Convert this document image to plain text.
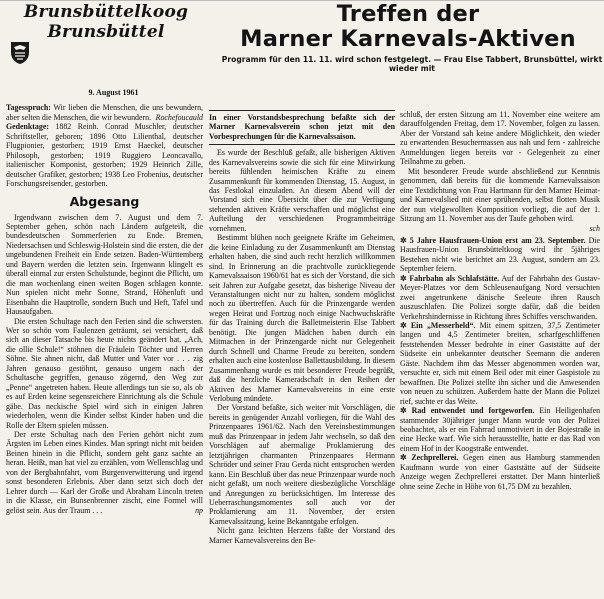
Brunsbüttelkoog
Brunsbüttel
Treffen der
Marner Karnevals-Aktiven
Programm für den 11. 11. wird schon festgelegt. — Frau Else Tabbert, Brunsbüttel, wirkt wieder mit
9. August 1961

Tagesspruch: Wir lieben die Menschen, die uns bewundern, aber selten die Menschen, die wir bewundern. Rochefoucauld

Gedenktage: 1882 Reinh. Conrad Muschler, deutscher Schriftsteller, geboren; 1896 Otto Lilienthal, deutscher Flugpionier, gestorben; 1919 Ernst Haeckel, deutscher Philosoph, gestorben; 1919 Ruggiero Leoncavallo, italienischer Komponist, gestorben; 1929 Heinrich Zille, deutscher Grafiker, gestorben; 1938 Leo Frobenius, deutscher Forschungsreisender, gestorben.

Abgesang

Irgendwann zwischen dem 7. August und dem 7. September gehen, schön nach Ländern aufgeteilt, die bundesdeutschen Sommerferien zu Ende. Bremen, Niedersachsen und Schleswig-Holstein sind die ersten, die der ungebundenen Freiheit ein Ende setzen. Baden-Württemberg und Bayern werden die letzten sein. Irgenwann klingelt es überall einmal zur ersten Schulstunde, beginnt die Pflicht, um die man wochenlang einen weiten Bogen schlagen konnte. Nun spielen nicht mehr Sonne, Strand, Höhenluft und Eisenbahn die Hauptrolle, sondern Buch und Heft, Tafel und Hausaufgaben.

Die ersten Schultage nach den Ferien sind die schwersten. Wer so schön vom Faulenzen geträumt, sei versichert, daß sich an dieser Tatsache bis heute nichts geändert hat. „Ach, die ollie Schule!“ stöhnen die Fräulein Töchter und Herren Söhne. Sie ahnen nicht, daß Mutter und Vater vor . . . zig Jahren genauso gestöhnt, genauso ungern nach der Schultasche gegriffen, genauso zögernd, den Weg zur „Penne“ angetreten haben. Heute allerdings tun sie so, als ob es auf Erden keine segensreichere Einrichtung als die Schule gäbe. Das neckische Spiel wird sich in einigen Jahren wiederholen, wenn die Kinder selbst Kinder haben und die Rolle der Eltern spielen müssen.

Der erste Schultag nach den Ferien gehört nicht zum Ärgsten im Leben eines Kindes. Man springt nicht mit beiden Beinen hinein in die Pflicht, sondern geht ganz sachte an heran. Heißt, man hat viel zu erzählen, vom Wellenschlag und von der Bergbahnfahrt, vom Burgenverwitterung und irgend sonst besonderen Erlebnis. Aber dann setzt sich doch der Lehrer durch — Karl der Große und Abraham Lincoln treten in die Klasse, ein Bunsenbrenner zischt, eine Formel will gelöst sein. Aus der Traum . . .	np

In einer Vorstandsbesprechung befaßte sich der Marner Karnevalsverein schon jetzt mit den Vorbesprechungen für die Karnevalssaison.

Es wurde der Beschluß gefaßt, alle bisherigen Aktiven des Karnevalsvereins sowie die sich für eine Mitwirkung bereits fühlenden heimischen Kräfte zu einem Zusammenkunft für kommenden Dienstag, 15. August, in das Festlokal einzuladen. An diesem Abend will der Vorstand sich eine Übersicht über die zur Verfügung stehenden aktiven Kräfte verschaffen und möglichst eine Aufteilung der verschiedenen Programmbeiträge vornehmen.

Bestimmt blühen noch geeignete Kräfte im Geheimen, die keine Einladung zu der Zusammenkunft am Dienstag erhalten haben, die sind auch recht herzlich willkommen sind. In Erinnerung an die prachtvolle zurückliegende Karnevalssaison 1960/61 hat es sich der Vorstand, die sich seit Jahren zur Aufgabe gesetzt, das bisherige Niveau der Veranstaltungen nicht nur zu halten, sondern möglichst noch zu übertreffen. Auch für die Prinzengarde werden wegen Heirat und Fortzug noch einige Nachwuchskräfte für das Training durch die Balletmeisterin Else Tabbert benötigt. Die jungen Mädchen haben durch ein Mitmachen in der Prinzengarde nicht nur Gelegenheit durch Schnell und Charme Freude zu bereiten, sondern erhalten auch eine kostenlose Ballettausbildung. In diesem Zusammenhang wurde es mit besonderer Freude begrüßt, daß die herzliche Kameradschaft in den Reihen der Aktiven des Marner Karnevalsvereins in eine erste Verlobung mündete.

Der Vorstand befaßte, sich weiter mit Vorschlägen, die bereits in genügender Anzahl vorliegen, für die Wahl des Prinzenpaares 1961/62. Nach den Vereinsbestimmungen muß das Prinzenpaar in jedem Jahr wechseln, so daß den Vorschlägen auf abermalige Proklamierung des letztjährigen charmanten Prinzenpaares Hermann Schröder und seiner Frau Gerda nicht entsprochen werden kann. Ein Beschluß über das neue Prinzenpaar wurde noch nicht gefaßt, um noch weitere diesbezügliche Vorschläge und Anregungen zu berücksichtigen. Im Interesse des Ueberraschungsmomentes soll auch vor der Proklamierung am 11. November, der ersten Karnevalssitzung, keine Bekanntgabe erfolgen.

Nicht ganz leichten Herzens faßte der Vorstand des Marner Karnevalsvereins den Be-

schluß, der ersten Sitzung am 11. November eine weitere am darauffolgenden Freitag, dem 17. November, folgen zu lassen. Aber der Vorstand sah keine andere Möglichkeit, den wieder zu erwartenden Besuchermassen aus nah und fern - zahlreiche Anmeldungen liegen bereits vor - Gelegenheit zu einer Teilnahme zu geben.

Mit besonderer Freude wurde abschließend zur Kenntnis genommen, daß bereits für die kommende Karnevalssaison eine Textdichtung von Frau Hartmann für den Marner Heimat- und Karnevalslied mit einer sprühenden, selbst flotten Musik der nun vielgewollten Komposition vorliegt, die auf der 1. Sitzung am 11. November aus der Taufe gehoben wird.

sch

✲ 5 Jahre Hausfrauen-Union erst am 23. September. Die Hausfrauen-Union Brunsbütteltkoog wird ihr 5jähriges Bestehen nicht wie berichtet am 23. August, sondern am 23. September feiern.

✲ Fahrbahn als Schlafstätte. Auf der Fahrbahn des Gustav-Meyer-Platzes vor dem Schleusenaufgang Nord versuchten zwei angetrunkene dänische Seeleute ihren Rausch auszuschlafen. Die Polizei sorgte dafür, daß die beiden Verkehrshindernisse in Richtung ihres Schiffes verschwanden.

✲ Ein „Messerheld“. Mit einem spitzen, 37,5 Zentimeter langen und 4,5 Zentimeter breiten, scharfgeschliffenen feststehenden Messer bedrohte in einer Gaststätte auf der Südseite ein unbekannter deutscher Seemann die anderen Gäste. Nachdem ihm das Messer abgenommen worden war, versuchte er, sich mit einem Beil oder mit einer Gaspistole zu bewaffnen. Die Polizei stellte ihn sicher und die Anwesenden von neuen zu schützen. Außerdem hatte der Mann die Polizei rief, suchte er das Weite.

✲ Rad entwendet und fortgeworfen. Ein Heiligenhafen stammender 30jähriger junger Mann wurde von der Polizei beobachtet, als er ein Fahrrad unmotiviert in der Bojestraße in eine Hecke warf. Wie sich herausstellte, hatte er das Rad von einem Hof in der Koogstraße entwendet.

✲ Zechprellerei. Gegen einen aus Hamburg stammenden Kaufmann wurde von einer Gaststätte auf der Südseite Anzeige wegen Zechprellerei erstattet. Der Mann hinterließ ohne seine Zeche in Höhe von 61,75 DM zu bezahlen.
